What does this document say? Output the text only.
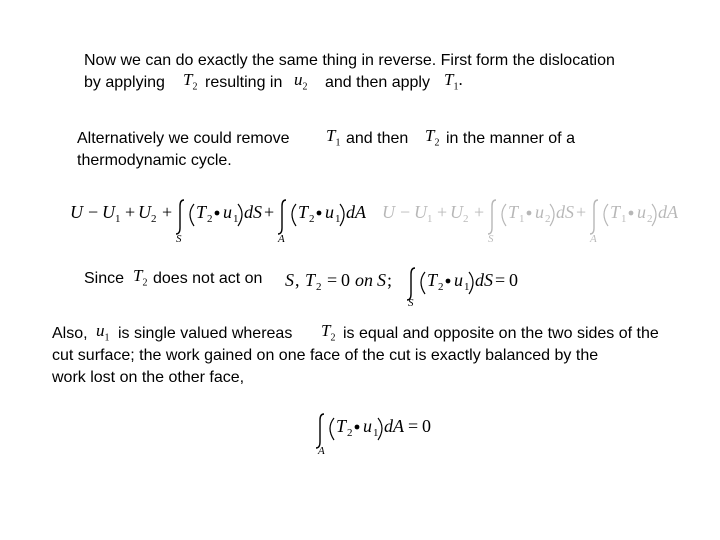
Now we can do exactly the same thing in reverse. First form the dislocation
by applying $T_2$ resulting in $u_2$ and then apply $T_1$.
Alternatively we could remove $T_1$ and then $T_2$ in the manner of a
thermodynamic cycle.
U − U 1 + U 2 + T 2 u 1 dS
S
+ T 2 u 1 dA
A
U − U 1 + U 2 + T 1 u 2 dS
S
+ T 1 u 2 dA
A
Since $T_2$ does not act on S , T 2 = 0 on S ; T 2 u 1 dS = 0
S
Also, $u_1$ is single valued whereas $T_2$ is equal and opposite on the two sides of the
cut surface; the work gained on one face of the cut is exactly balanced by the
work lost on the other face,
T 2 u 1 dA = 0
A
